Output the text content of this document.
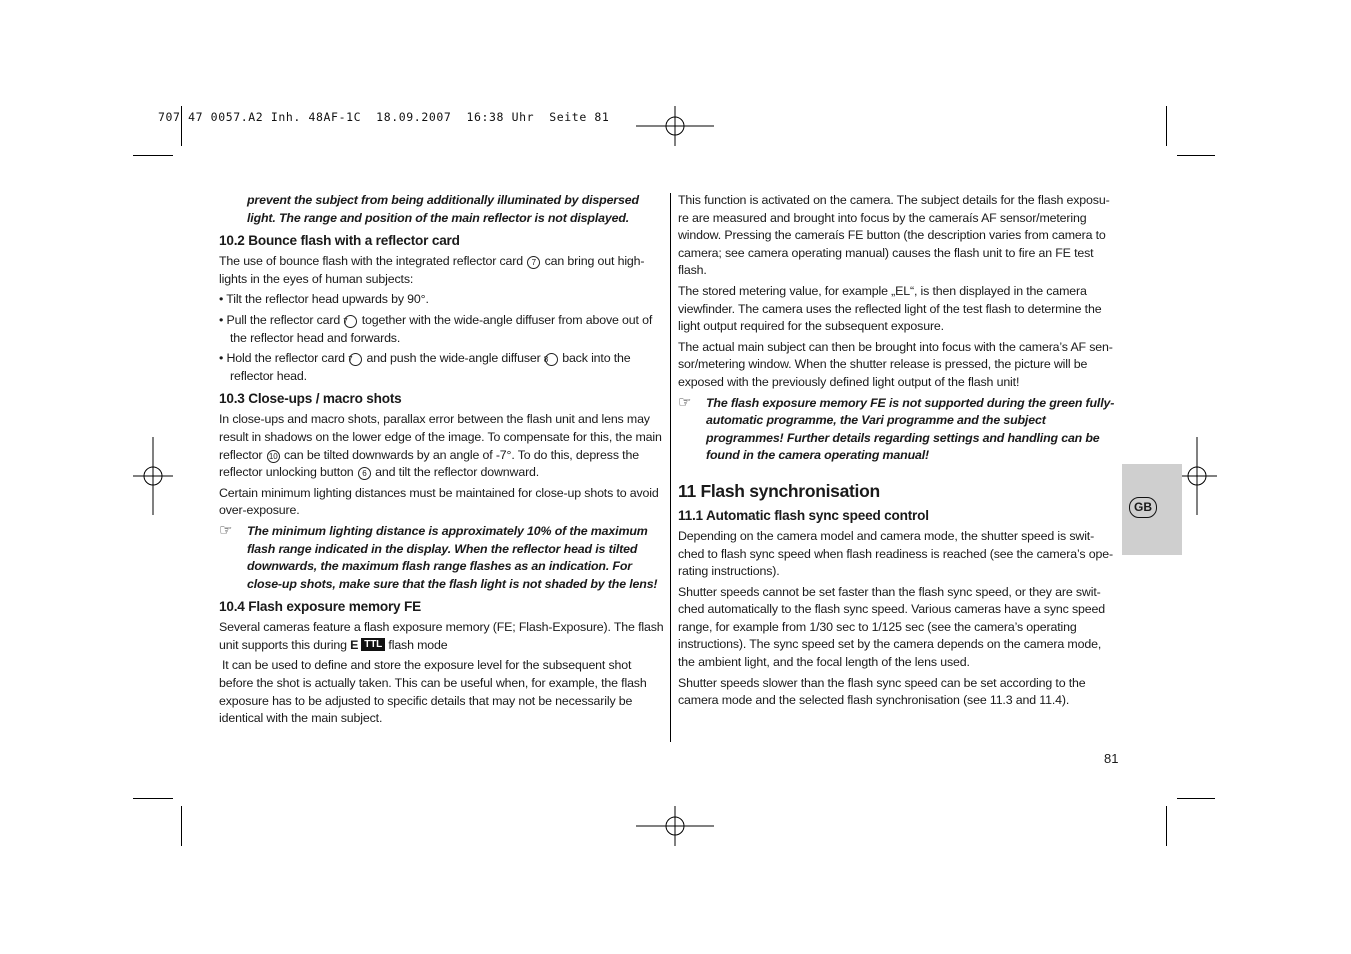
707 47 0057.A2 Inh. 48AF-1C  18.09.2007  16:38 Uhr  Seite 81

prevent the subject from being additionally illuminated by dispersed light. The range and position of the main reflector is not displayed.

10.2 Bounce flash with a reflector card

The use of bounce flash with the integrated reflector card 7 can bring out high-lights in the eyes of human subjects:

• Tilt the reflector head upwards by 90°.

• Pull the reflector card 7 together with the wide-angle diffuser from above out of the reflector head and forwards.

• Hold the reflector card 7 and push the wide-angle diffuser 8 back into the reflector head.

10.3 Close-ups / macro shots

In close-ups and macro shots, parallax error between the flash unit and lens may result in shadows on the lower edge of the image. To compensate for this, the main reflector 10 can be tilted downwards by an angle of -7°. To do this, depress the reflector unlocking button 6 and tilt the reflector downward.

Certain minimum lighting distances must be maintained for close-up shots to avoid over-exposure.

☞ The minimum lighting distance is approximately 10% of the maximum flash range indicated in the display. When the reflector head is tilted downwards, the maximum flash range flashes as an indication. For close-up shots, make sure that the flash light is not shaded by the lens!

10.4 Flash exposure memory FE

Several cameras feature a flash exposure memory (FE; Flash-Exposure). The flash unit supports this during E TTL flash mode

It can be used to define and store the exposure level for the subsequent shot before the shot is actually taken. This can be useful when, for example, the flash exposure has to be adjusted to specific details that may not be necessarily be identical with the main subject.

This function is activated on the camera. The subject details for the flash exposu-re are measured and brought into focus by the cameraís AF sensor/metering window. Pressing the cameraís FE button (the description varies from camera to camera; see camera operating manual) causes the flash unit to fire an FE test flash.

The stored metering value, for example „EL“, is then displayed in the camera viewfinder. The camera uses the reflected light of the test flash to determine the light output required for the subsequent exposure.

The actual main subject can then be brought into focus with the camera’s AF sen-sor/metering window. When the shutter release is pressed, the picture will be exposed with the previously defined light output of the flash unit!

☞ The flash exposure memory FE is not supported during the green fully-automatic programme, the Vari programme and the subject programmes! Further details regarding settings and handling can be found in the camera operating manual!

11 Flash synchronisation
11.1 Automatic flash sync speed control

Depending on the camera model and camera mode, the shutter speed is swit-ched to flash sync speed when flash readiness is reached (see the camera’s ope-rating instructions).

Shutter speeds cannot be set faster than the flash sync speed, or they are swit-ched automatically to the flash sync speed. Various cameras have a sync speed range, for example from 1/30 sec to 1/125 sec (see the camera’s operating instructions). The sync speed set by the camera depends on the camera mode, the ambient light, and the focal length of the lens used.

Shutter speeds slower than the flash sync speed can be set according to the camera mode and the selected flash synchronisation (see 11.3 and 11.4).

GB
81
